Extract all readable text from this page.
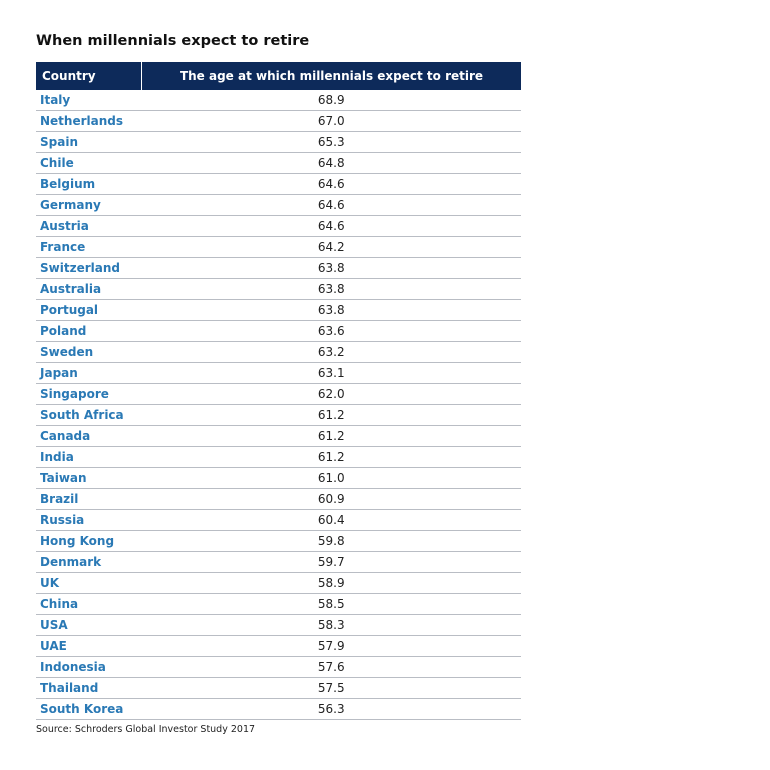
When millennials expect to retire
Country	The age at which millennials expect to retire
Italy	68.9
Netherlands	67.0
Spain	65.3
Chile	64.8
Belgium	64.6
Germany	64.6
Austria	64.6
France	64.2
Switzerland	63.8
Australia	63.8
Portugal	63.8
Poland	63.6
Sweden	63.2
Japan	63.1
Singapore	62.0
South Africa	61.2
Canada	61.2
India	61.2
Taiwan	61.0
Brazil	60.9
Russia	60.4
Hong Kong	59.8
Denmark	59.7
UK	58.9
China	58.5
USA	58.3
UAE	57.9
Indonesia	57.6
Thailand	57.5
South Korea	56.3
Source: Schroders Global Investor Study 2017
